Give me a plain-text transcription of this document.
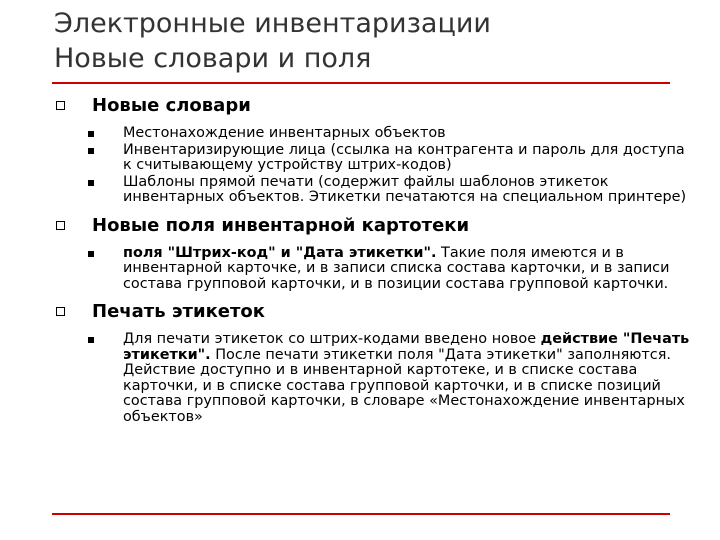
Электронные инвентаризации
Новые словари и поля
Новые словари
Местонахождение инвентарных объектов
Инвентаризирующие лица (ссылка на контрагента и пароль для доступа к считывающему устройству штрих-кодов)
Шаблоны прямой печати (содержит файлы шаблонов этикеток инвентарных объектов. Этикетки печатаются на специальном принтере)
Новые поля инвентарной картотеки
поля "Штрих-код" и "Дата этикетки". Такие поля имеются и в инвентарной карточке, и в записи списка состава карточки, и в записи состава групповой карточки, и в позиции состава групповой карточки.
Печать этикеток
Для печати этикеток со штрих-кодами введено новое действие "Печать этикетки". После печати этикетки поля "Дата этикетки" заполняются. Действие доступно и в инвентарной картотеке, и в списке состава карточки, и в списке состава групповой карточки, и в списке позиций состава групповой карточки, в словаре «Местонахождение инвентарных объектов»
